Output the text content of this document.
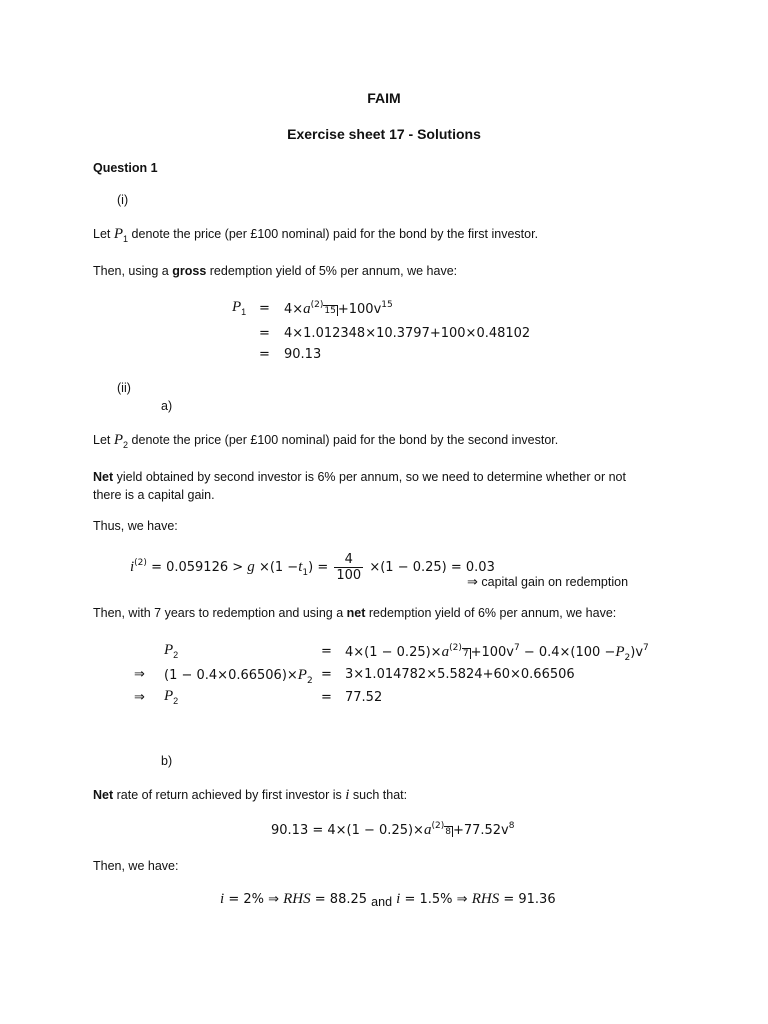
FAIM
Exercise sheet 17 - Solutions
Question 1
(i)
Let $P_1$ denote the price (per £100 nominal) paid for the bond by the first investor.
Then, using a gross redemption yield of 5% per annum, we have:
$P_1 = 4\times a^{(2)}15 +100v^{15}$
= 4×1.012348×10.3797+100×0.48102
= 90.13
(ii)
a)
Let $P_2$ denote the price (per £100 nominal) paid for the bond by the second investor.
Net yield obtained by second investor is 6% per annum, so we need to determine whether or not
there is a capital gain.
Thus, we have:
$i^{(2)} = 0.059126 > g \times(1 -t_1) = \frac{4}{100} \times(1 - 0.25) = 0.03$
⇒ capital gain on redemption
Then, with 7 years to redemption and using a net redemption yield of 6% per annum, we have:
$P_2$	= $4\times(1 - 0.25)\times a^{(2)}7 +100v^7 - 0.4\times(100 -P_2)v^7$
⇒ $(1 - 0.4\times 0.66506)\times P_2 = 3\times 1.014782\times 5.5824+60\times 0.66506$
⇒ $P_2$	= 77.52
b)
Net rate of return achieved by first investor is i such that:
$90.13 = 4\times(1 - 0.25)\times a^{(2)}8 +77.52v^8$
Then, we have:
i = 2% ⇒ RHS = 88.25 and i = 1.5% ⇒ RHS = 91.36
